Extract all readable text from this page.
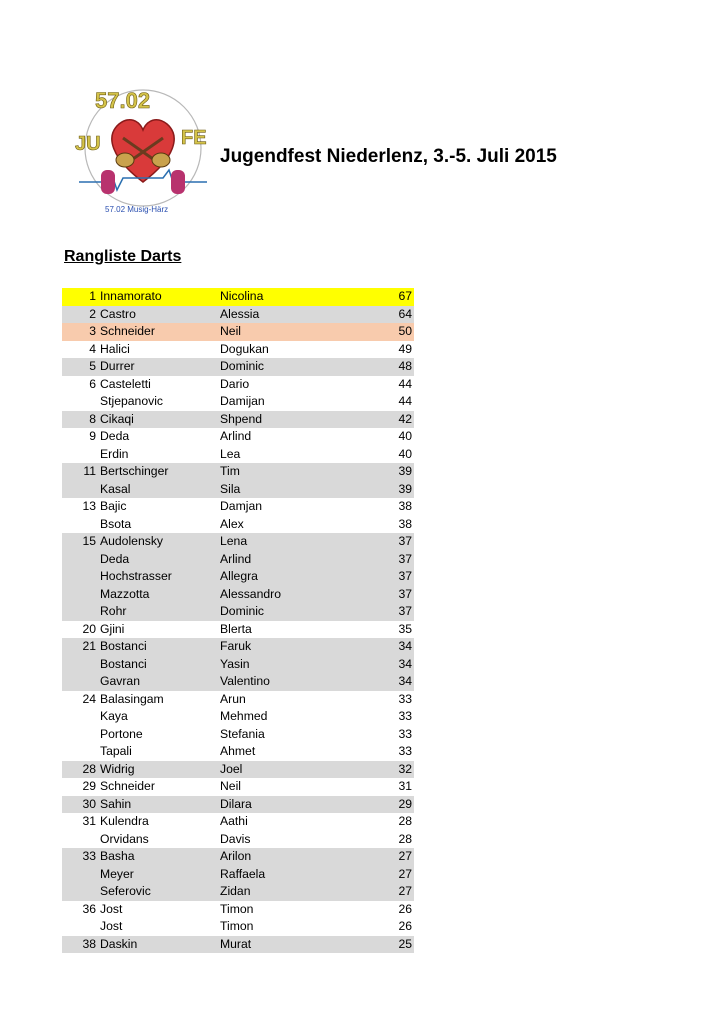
57.02
JU	FE
57.02 Musig-Härz
Jugendfest Niederlenz, 3.-5. Juli 2015
Rangliste Darts
1 Innamorato	Nicolina	67
2 Castro	Alessia	64
3 Schneider	Neil	50
4 Halici	Dogukan	49
5 Durrer	Dominic	48
6 Casteletti	Dario	44
Stjepanovic	Damijan	44
8 Cikaqi	Shpend	42
9 Deda	Arlind	40
Erdin	Lea	40
11 Bertschinger	Tim	39
Kasal	Sila	39
13 Bajic	Damjan	38
Bsota	Alex	38
15 Audolensky	Lena	37
Deda	Arlind	37
Hochstrasser	Allegra	37
Mazzotta	Alessandro	37
Rohr	Dominic	37
20 Gjini	Blerta	35
21 Bostanci	Faruk	34
Bostanci	Yasin	34
Gavran	Valentino	34
24 Balasingam	Arun	33
Kaya	Mehmed	33
Portone	Stefania	33
Tapali	Ahmet	33
28 Widrig	Joel	32
29 Schneider	Neil	31
30 Sahin	Dilara	29
31 Kulendra	Aathi	28
Orvidans	Davis	28
33 Basha	Arilon	27
Meyer	Raffaela	27
Seferovic	Zidan	27
36 Jost	Timon	26
Jost	Timon	26
38 Daskin	Murat	25
